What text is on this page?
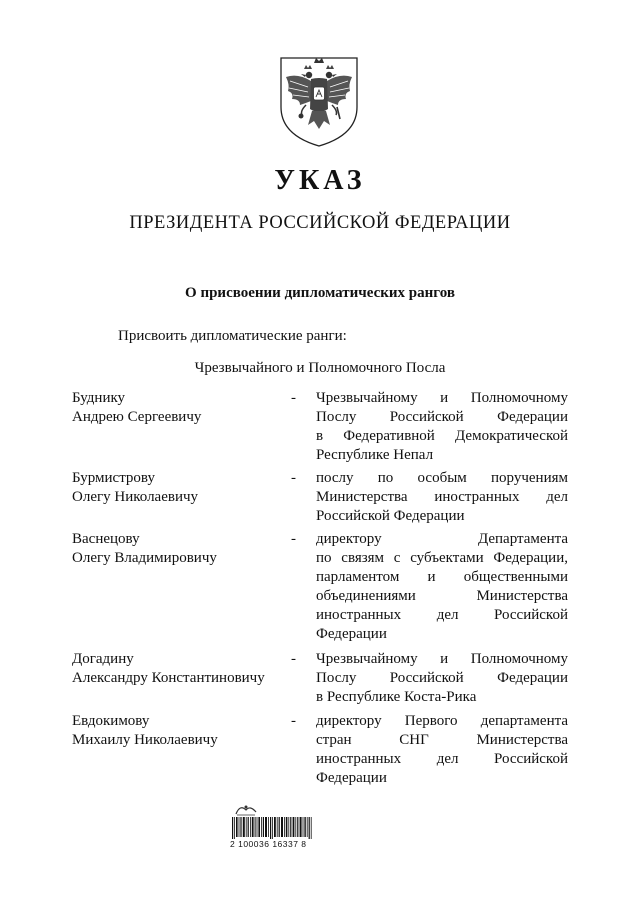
УКАЗ
ПРЕЗИДЕНТА РОССИЙСКОЙ ФЕДЕРАЦИИ
О присвоении дипломатических рангов
Присвоить дипломатические ранги:
Чрезвычайного и Полномочного Посла
Буднику
Андрею Сергеевичу
- Чрезвычайному и Полномочному
Послу Российской Федерации
в Федеративной Демократической
Республике Непал
Бурмистрову
Олегу Николаевичу
- послу по особым поручениям
Министерства иностранных дел
Российской Федерации
Васнецову
Олегу Владимировичу
- директору Департамента
по связям с субъектами Федерации,
парламентом и общественными
объединениями Министерства
иностранных дел Российской
Федерации
Догадину
Александру Константиновичу
- Чрезвычайному и Полномочному
Послу Российской Федерации
в Республике Коста-Рика
Евдокимову
Михаилу Николаевичу
- директору Первого департамента
стран СНГ Министерства
иностранных дел Российской
Федерации
2 100036 16337 8
